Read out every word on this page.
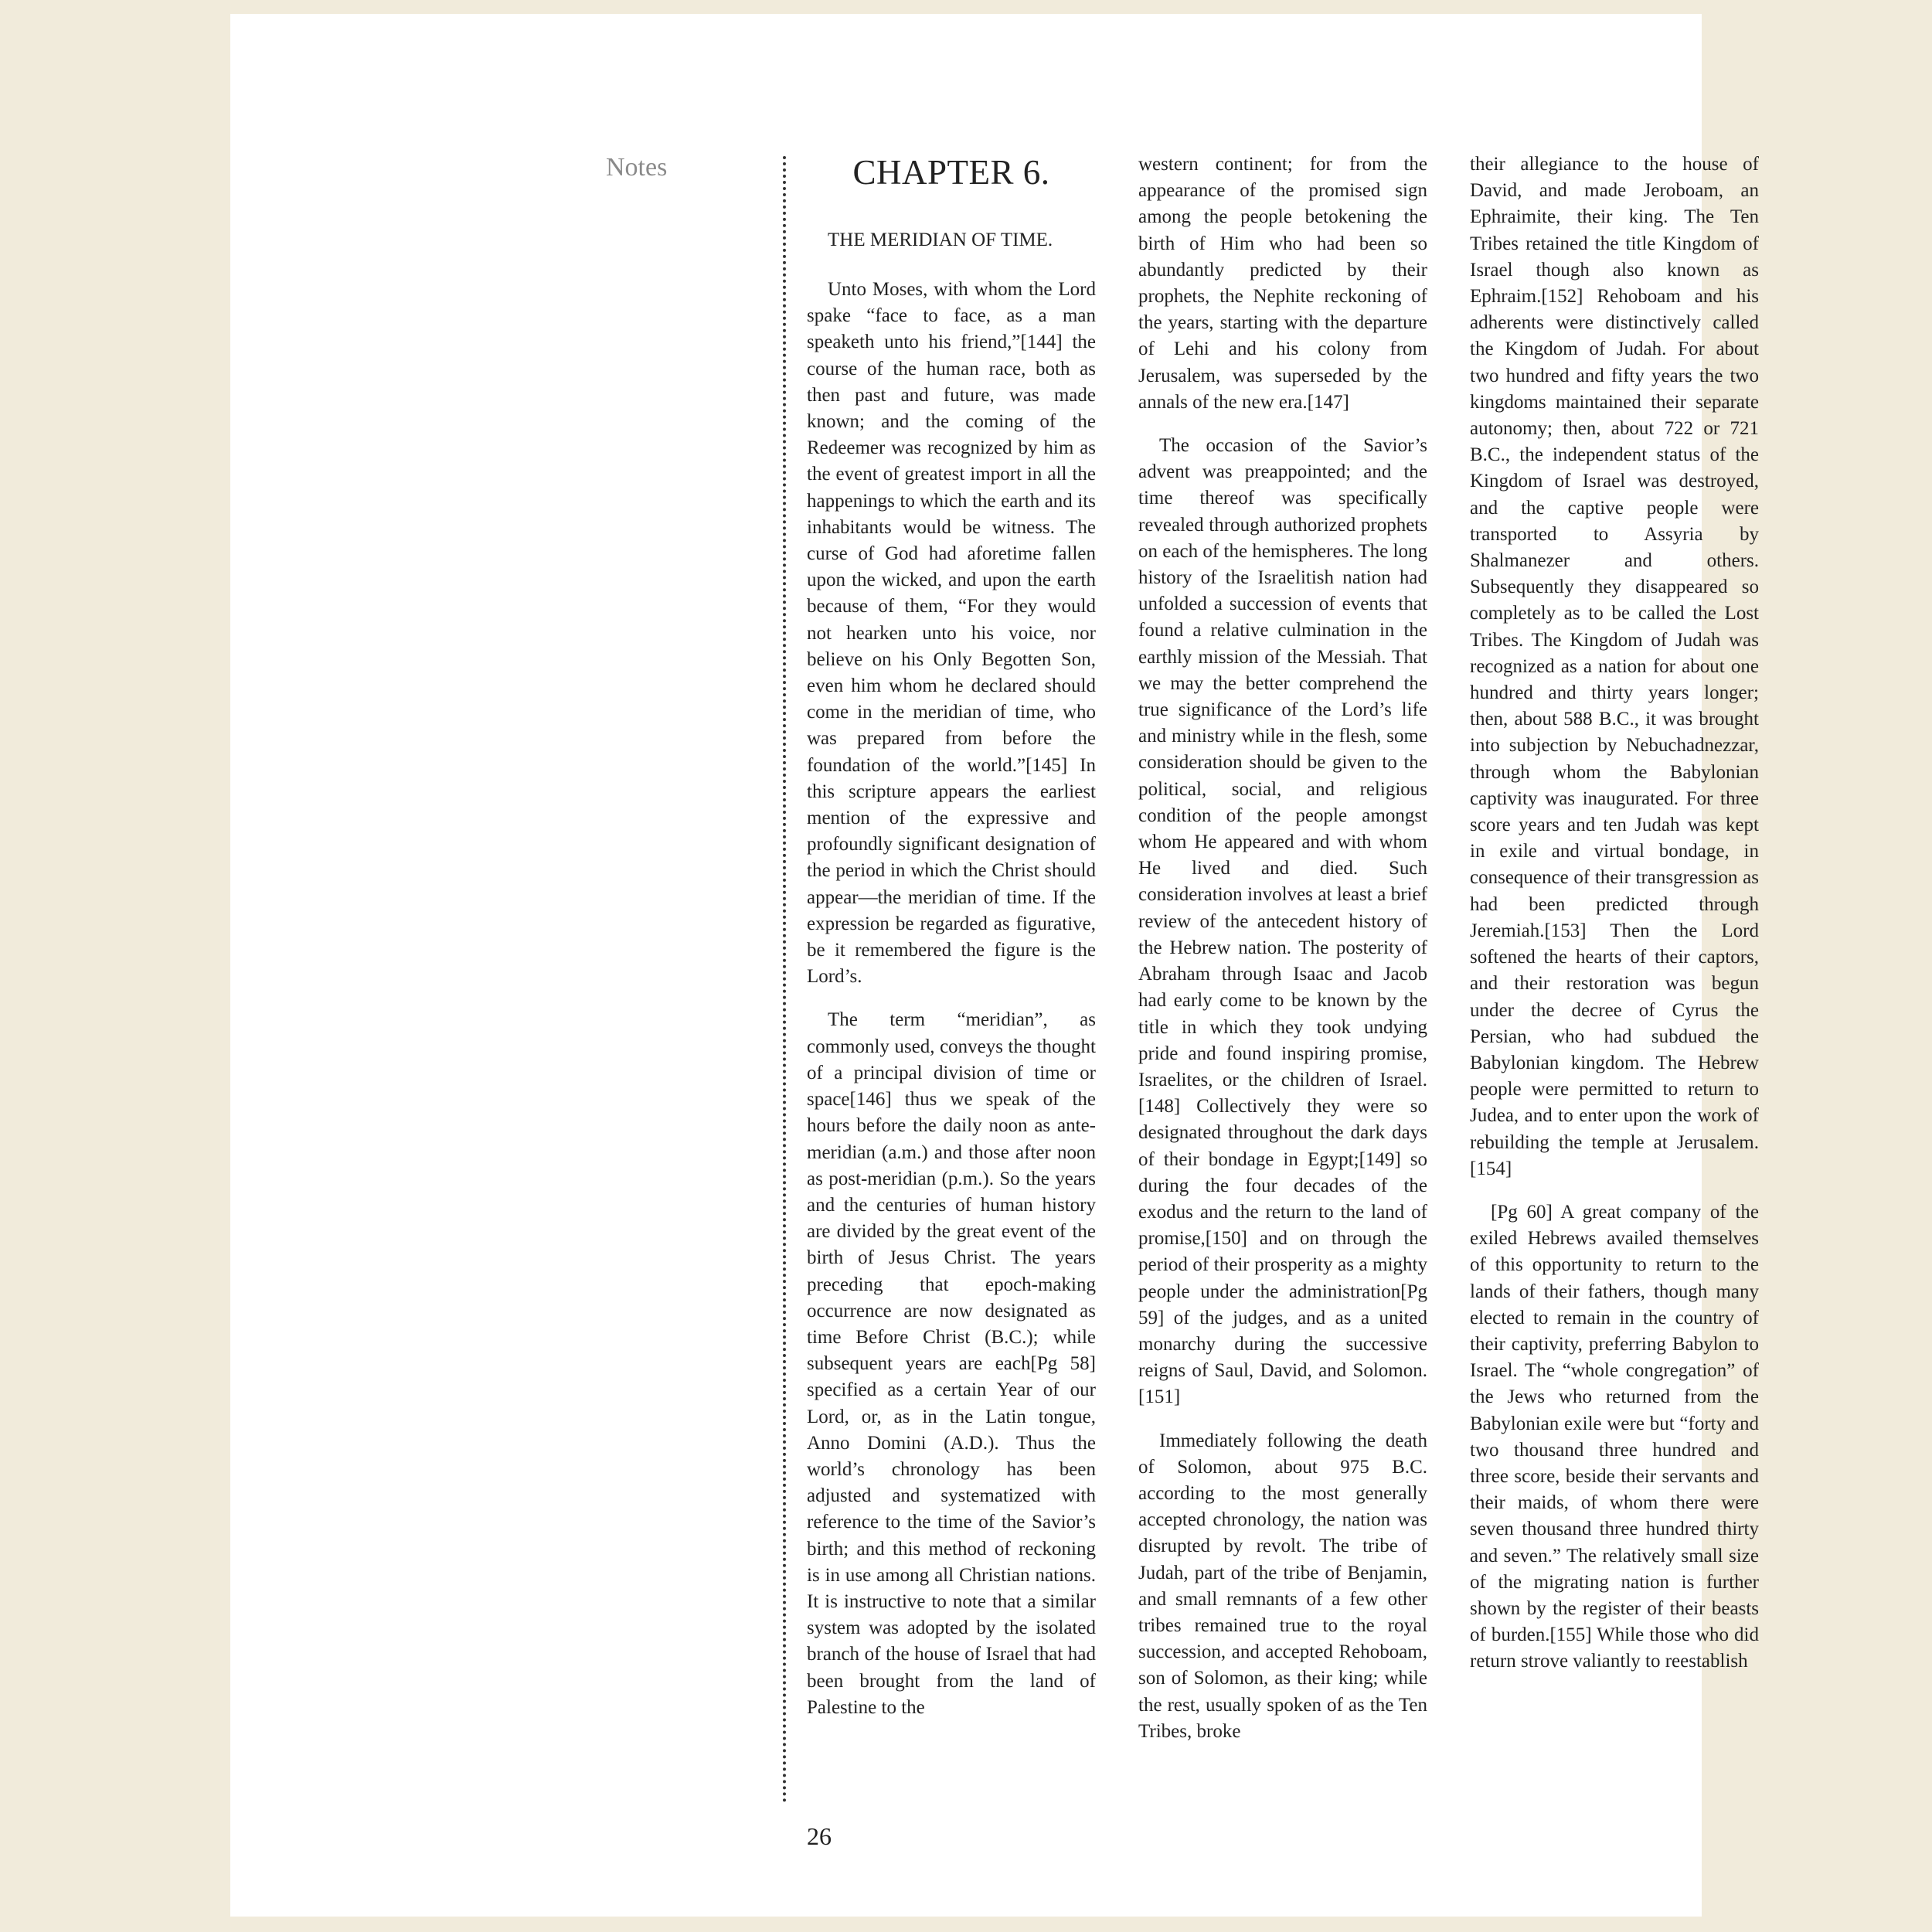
Notes	CHAPTER 6.
THE MERIDIAN OF TIME.

Unto Moses, with whom the Lord spake “face to face, as a man speaketh unto his friend,”[144] the course of the human race, both as then past and future, was made known; and the coming of the Redeemer was recognized by him as the event of greatest import in all the happenings to which the earth and its inhabitants would be witness. The curse of God had aforetime fallen upon the wicked, and upon the earth because of them, “For they would not hearken unto his voice, nor believe on his Only Begotten Son, even him whom he declared should come in the meridian of time, who was prepared from before the foundation of the world.”[145] In this scripture appears the earliest mention of the expressive and profoundly significant designation of the period in which the Christ should appear—the meridian of time. If the expression be regarded as figurative, be it remembered the figure is the Lord’s.

The term “meridian”, as commonly used, conveys the thought of a principal division of time or space[146] thus we speak of the hours before the daily noon as ante-meridian (a.m.) and those after noon as post-meridian (p.m.). So the years and the centuries of human history are divided by the great event of the birth of Jesus Christ. The years preceding that epoch-making occurrence are now designated as time Before Christ (B.C.); while subsequent years are each[Pg 58] specified as a certain Year of our Lord, or, as in the Latin tongue, Anno Domini (A.D.). Thus the world’s chronology has been adjusted and systematized with reference to the time of the Savior’s birth; and this method of reckoning is in use among all Christian nations. It is instructive to note that a similar system was adopted by the isolated branch of the house of Israel that had been brought from the land of Palestine to the

western continent; for from the appearance of the promised sign among the people betokening the birth of Him who had been so abundantly predicted by their prophets, the Nephite reckoning of the years, starting with the departure of Lehi and his colony from Jerusalem, was superseded by the annals of the new era.[147]

The occasion of the Savior’s advent was preappointed; and the time thereof was specifically revealed through authorized prophets on each of the hemispheres. The long history of the Israelitish nation had unfolded a succession of events that found a relative culmination in the earthly mission of the Messiah. That we may the better comprehend the true significance of the Lord’s life and ministry while in the flesh, some consideration should be given to the political, social, and religious condition of the people amongst whom He appeared and with whom He lived and died. Such consideration involves at least a brief review of the antecedent history of the Hebrew nation. The posterity of Abraham through Isaac and Jacob had early come to be known by the title in which they took undying pride and found inspiring promise, Israelites, or the children of Israel.[148] Collectively they were so designated throughout the dark days of their bondage in Egypt;[149] so during the four decades of the exodus and the return to the land of promise,[150] and on through the period of their prosperity as a mighty people under the administration[Pg 59] of the judges, and as a united monarchy during the successive reigns of Saul, David, and Solomon.[151]

Immediately following the death of Solomon, about 975 B.C. according to the most generally accepted chronology, the nation was disrupted by revolt. The tribe of Judah, part of the tribe of Benjamin, and small remnants of a few other tribes remained true to the royal succession, and accepted Rehoboam, son of Solomon, as their king; while the rest, usually spoken of as the Ten Tribes, broke

their allegiance to the house of David, and made Jeroboam, an Ephraimite, their king. The Ten Tribes retained the title Kingdom of Israel though also known as Ephraim.[152] Rehoboam and his adherents were distinctively called the Kingdom of Judah. For about two hundred and fifty years the two kingdoms maintained their separate autonomy; then, about 722 or 721 B.C., the independent status of the Kingdom of Israel was destroyed, and the captive people were transported to Assyria by Shalmanezer and others. Subsequently they disappeared so completely as to be called the Lost Tribes. The Kingdom of Judah was recognized as a nation for about one hundred and thirty years longer; then, about 588 B.C., it was brought into subjection by Nebuchadnezzar, through whom the Babylonian captivity was inaugurated. For three score years and ten Judah was kept in exile and virtual bondage, in consequence of their transgression as had been predicted through Jeremiah.[153] Then the Lord softened the hearts of their captors, and their restoration was begun under the decree of Cyrus the Persian, who had subdued the Babylonian kingdom. The Hebrew people were permitted to return to Judea, and to enter upon the work of rebuilding the temple at Jerusalem.[154]

[Pg 60] A great company of the exiled Hebrews availed themselves of this opportunity to return to the lands of their fathers, though many elected to remain in the country of their captivity, preferring Babylon to Israel. The “whole congregation” of the Jews who returned from the Babylonian exile were but “forty and two thousand three hundred and three score, beside their servants and their maids, of whom there were seven thousand three hundred thirty and seven.” The relatively small size of the migrating nation is further shown by the register of their beasts of burden.[155] While those who did return strove valiantly to reestablish

26
